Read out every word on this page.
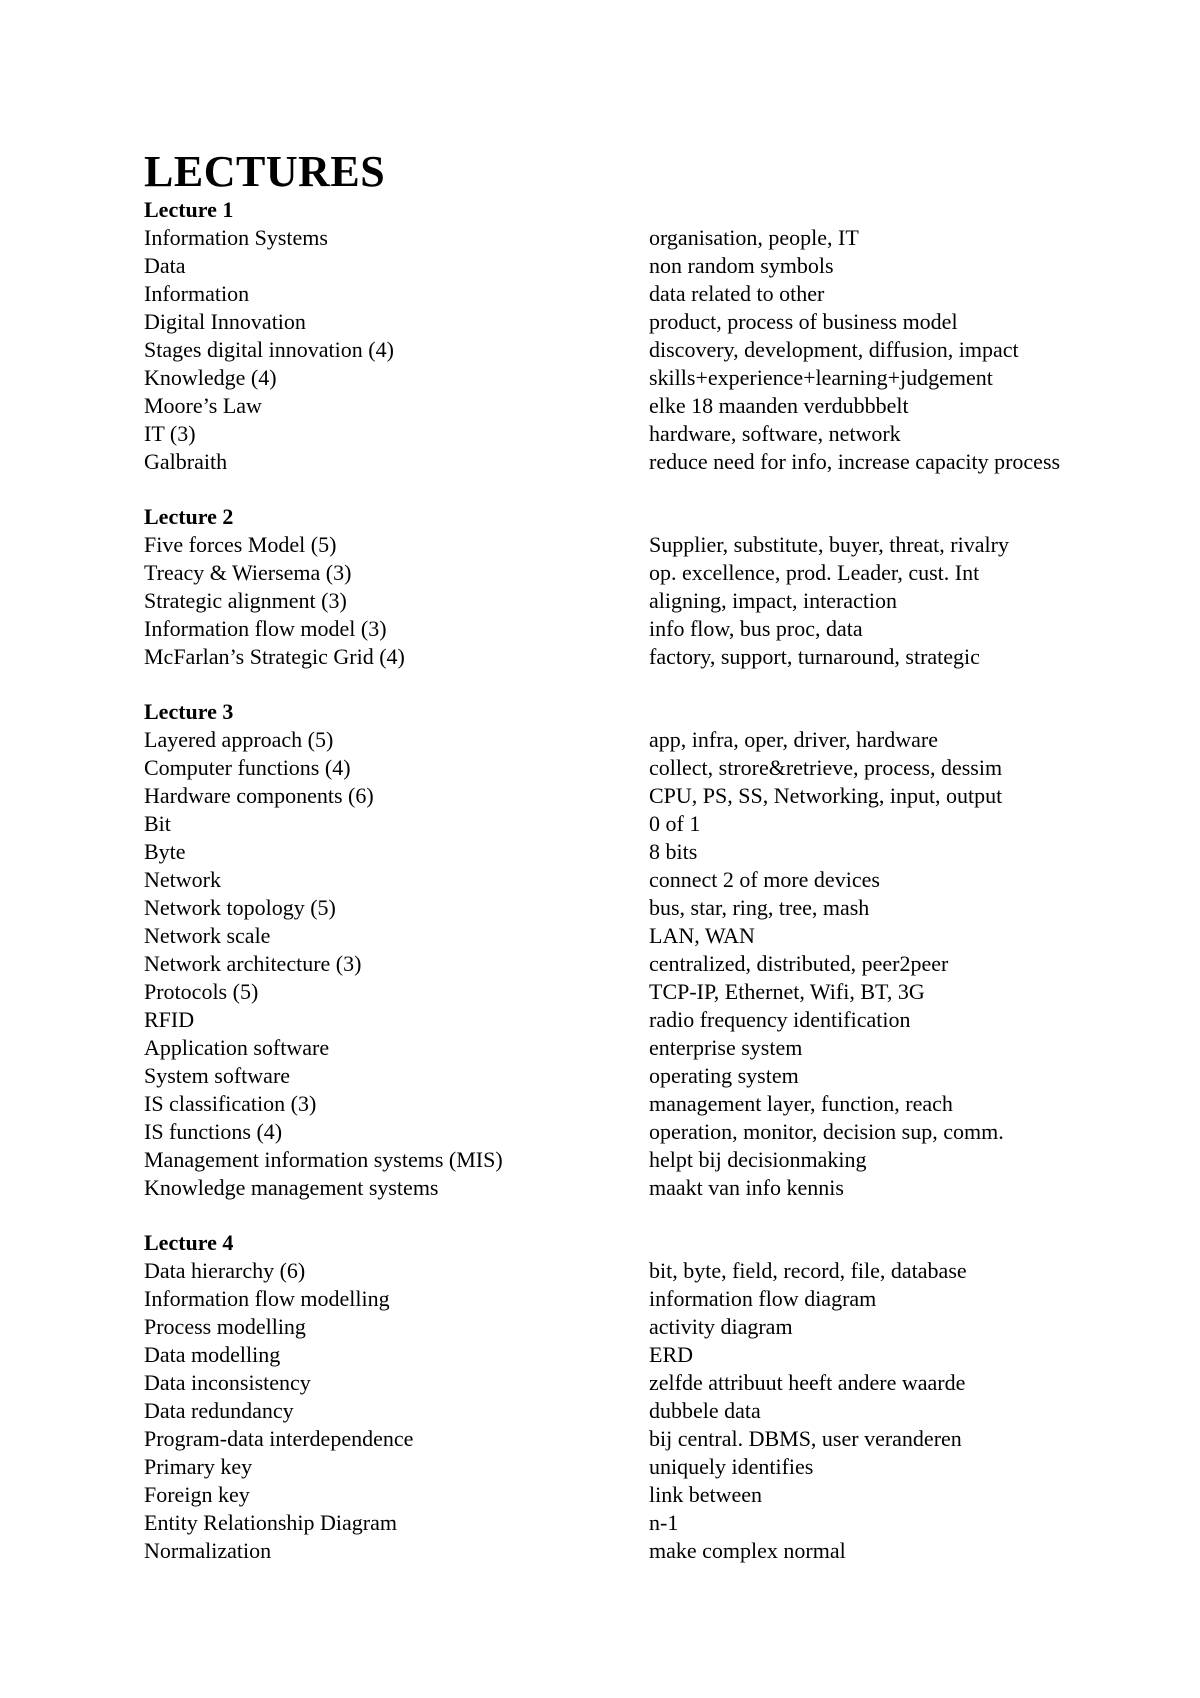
LECTURES
Lecture 1
Information Systems	organisation, people, IT
Data	non random symbols
Information	data related to other
Digital Innovation	product, process of business model
Stages digital innovation (4)	discovery, development, diffusion, impact
Knowledge (4)	skills+experience+learning+judgement
Moore’s Law	elke 18 maanden verdubbbelt
IT (3)	hardware, software, network
Galbraith	reduce need for info, increase capacity process
Lecture 2
Five forces Model (5)	Supplier, substitute, buyer, threat, rivalry
Treacy & Wiersema (3)	op. excellence, prod. Leader, cust. Int
Strategic alignment (3)	aligning, impact, interaction
Information flow model (3)	info flow, bus proc, data
McFarlan’s Strategic Grid (4)	factory, support, turnaround, strategic
Lecture 3
Layered approach (5)	app, infra, oper, driver, hardware
Computer functions (4)	collect, strore&retrieve, process, dessim
Hardware components (6)	CPU, PS, SS, Networking, input, output
Bit	0 of 1
Byte	8 bits
Network	connect 2 of more devices
Network topology (5)	bus, star, ring, tree, mash
Network scale	LAN, WAN
Network architecture (3)	centralized, distributed, peer2peer
Protocols (5)	TCP-IP, Ethernet, Wifi, BT, 3G
RFID	radio frequency identification
Application software	enterprise system
System software	operating system
IS classification (3)	management layer, function, reach
IS functions (4)	operation, monitor, decision sup, comm.
Management information systems (MIS)	helpt bij decisionmaking
Knowledge management systems	maakt van info kennis
Lecture 4
Data hierarchy (6)	bit, byte, field, record, file, database
Information flow modelling	information flow diagram
Process modelling	activity diagram
Data modelling	ERD
Data inconsistency	zelfde attribuut heeft andere waarde
Data redundancy	dubbele data
Program-data interdependence	bij central. DBMS, user veranderen
Primary key	uniquely identifies
Foreign key	link between
Entity Relationship Diagram	n-1
Normalization	make complex normal
